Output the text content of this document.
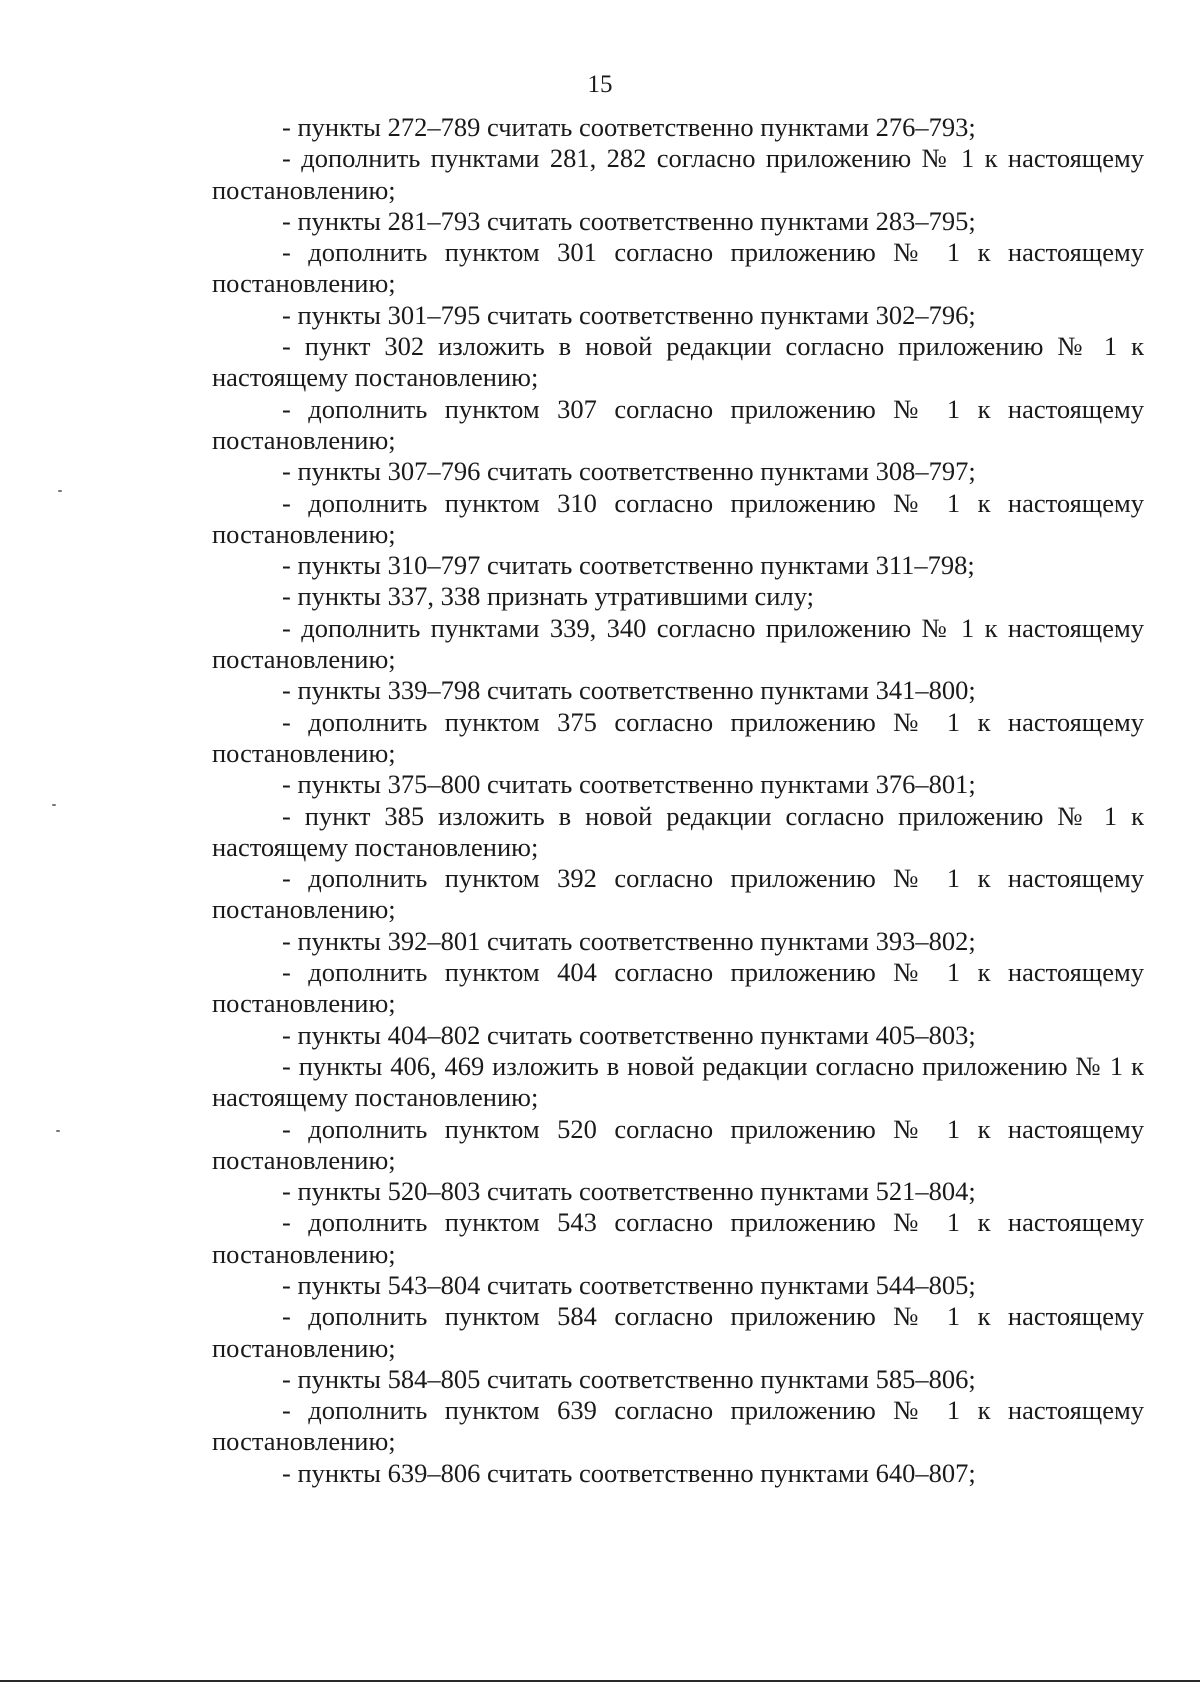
15

- пункты 272–789 считать соответственно пунктами 276–793;

- дополнить пунктами 281, 282 согласно приложению № 1 к настоящему постановлению;

- пункты 281–793 считать соответственно пунктами 283–795;

- дополнить пунктом 301 согласно приложению № 1 к настоящему постановлению;

- пункты 301–795 считать соответственно пунктами 302–796;

- пункт 302 изложить в новой редакции согласно приложению № 1 к настоящему постановлению;

- дополнить пунктом 307 согласно приложению № 1 к настоящему постановлению;

- пункты 307–796 считать соответственно пунктами 308–797;

- дополнить пунктом 310 согласно приложению № 1 к настоящему постановлению;

- пункты 310–797 считать соответственно пунктами 311–798;

- пункты 337, 338 признать утратившими силу;

- дополнить пунктами 339, 340 согласно приложению № 1 к настоящему постановлению;

- пункты 339–798 считать соответственно пунктами 341–800;

- дополнить пунктом 375 согласно приложению № 1 к настоящему постановлению;

- пункты 375–800 считать соответственно пунктами 376–801;

- пункт 385 изложить в новой редакции согласно приложению № 1 к настоящему постановлению;

- дополнить пунктом 392 согласно приложению № 1 к настоящему постановлению;

- пункты 392–801 считать соответственно пунктами 393–802;

- дополнить пунктом 404 согласно приложению № 1 к настоящему постановлению;

- пункты 404–802 считать соответственно пунктами 405–803;

- пункты 406, 469 изложить в новой редакции согласно приложению № 1 к настоящему постановлению;

- дополнить пунктом 520 согласно приложению № 1 к настоящему постановлению;

- пункты 520–803 считать соответственно пунктами 521–804;

- дополнить пунктом 543 согласно приложению № 1 к настоящему постановлению;

- пункты 543–804 считать соответственно пунктами 544–805;

- дополнить пунктом 584 согласно приложению № 1 к настоящему постановлению;

- пункты 584–805 считать соответственно пунктами 585–806;

- дополнить пунктом 639 согласно приложению № 1 к настоящему постановлению;

- пункты 639–806 считать соответственно пунктами 640–807;
